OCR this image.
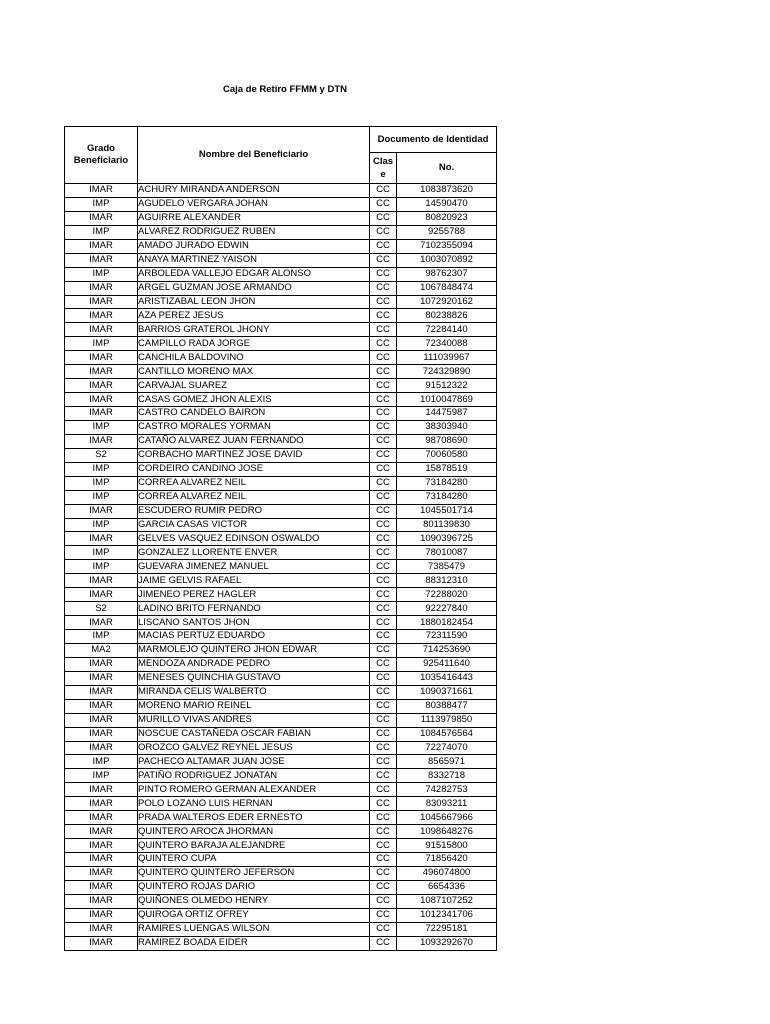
Caja de Retiro FFMM y DTN
Grado Beneficiario	Nombre del Beneficiario	Documento de Identidad	
		Clas e	No.
IMAR	ACHURY MIRANDA ANDERSON	CC	1083873620
IMP	AGUDELO VERGARA JOHAN	CC	14590470
IMAR	AGUIRRE ALEXANDER	CC	80820923
IMP	ALVAREZ RODRIGUEZ RUBEN	CC	9255788
IMAR	AMADO JURADO EDWIN	CC	7102355094
IMAR	ANAYA MARTINEZ YAISON	CC	1003070892
IMP	ARBOLEDA VALLEJO EDGAR ALONSO	CC	98762307
IMAR	ARGEL GUZMAN JOSE ARMANDO	CC	1067848474
IMAR	ARISTIZABAL LEON JHON	CC	1072920162
IMAR	AZA PEREZ JESUS	CC	80238826
IMAR	BARRIOS GRATEROL JHONY	CC	72284140
IMP	CAMPILLO RADA JORGE	CC	72340088
IMAR	CANCHILA BALDOVINO	CC	111039967
IMAR	CANTILLO MORENO MAX	CC	724329890
IMAR	CARVAJAL SUAREZ	CC	91512322
IMAR	CASAS GOMEZ JHON ALEXIS	CC	1010047869
IMAR	CASTRO CANDELO BAIRON	CC	14475987
IMP	CASTRO MORALES YORMAN	CC	38303940
IMAR	CATAÑO ALVAREZ JUAN FERNANDO	CC	98708690
S2	CORBACHO MARTINEZ JOSE DAVID	CC	70060580
IMP	CORDEIRO CANDINO JOSE	CC	15878519
IMP	CORREA ALVAREZ NEIL	CC	73184280
IMP	CORREA ALVAREZ NEIL	CC	73184280
IMAR	ESCUDERO RUMIR PEDRO	CC	1045501714
IMP	GARCIA CASAS VICTOR	CC	801139830
IMAR	GELVES VASQUEZ EDINSON OSWALDO	CC	1090396725
IMP	GONZALEZ LLORENTE ENVER	CC	78010087
IMP	GUEVARA JIMENEZ MANUEL	CC	7385479
IMAR	JAIME GELVIS RAFAEL	CC	88312310
IMAR	JIMENEO PEREZ HAGLER	CC	72288020
S2	LADINO BRITO FERNANDO	CC	92227840
IMAR	LISCANO SANTOS JHON	CC	1880182454
IMP	MACIAS PERTUZ EDUARDO	CC	72311590
MA2	MARMOLEJO QUINTERO JHON EDWAR	CC	714253690
IMAR	MENDOZA ANDRADE PEDRO	CC	925411640
IMAR	MENESES QUINCHIA GUSTAVO	CC	1035416443
IMAR	MIRANDA CELIS WALBERTO	CC	1090371661
IMAR	MORENO MARIO REINEL	CC	80388477
IMAR	MURILLO VIVAS ANDRES	CC	1113979850
IMAR	NOSCUE CASTAÑEDA OSCAR FABIAN	CC	1084576564
IMAR	OROZCO GALVEZ REYNEL JESUS	CC	72274070
IMP	PACHECO ALTAMAR JUAN JOSE	CC	8565971
IMP	PATIÑO RODRIGUEZ JONATAN	CC	8332718
IMAR	PINTO ROMERO GERMAN ALEXANDER	CC	74282753
IMAR	POLO LOZANO LUIS HERNAN	CC	83093211
IMAR	PRADA WALTEROS EDER ERNESTO	CC	1045667966
IMAR	QUINTERO AROCA JHORMAN	CC	1098648276
IMAR	QUINTERO BARAJA ALEJANDRE	CC	91515800
IMAR	QUINTERO CUPA	CC	71856420
IMAR	QUINTERO QUINTERO JEFERSON	CC	496074800
IMAR	QUINTERO ROJAS DARIO	CC	6654336
IMAR	QUIÑONES OLMEDO HENRY	CC	1087107252
IMAR	QUIROGA ORTIZ OFREY	CC	1012341706
IMAR	RAMIRES LUENGAS WILSON	CC	72295181
IMAR	RAMIREZ BOADA EIDER	CC	1093292670
